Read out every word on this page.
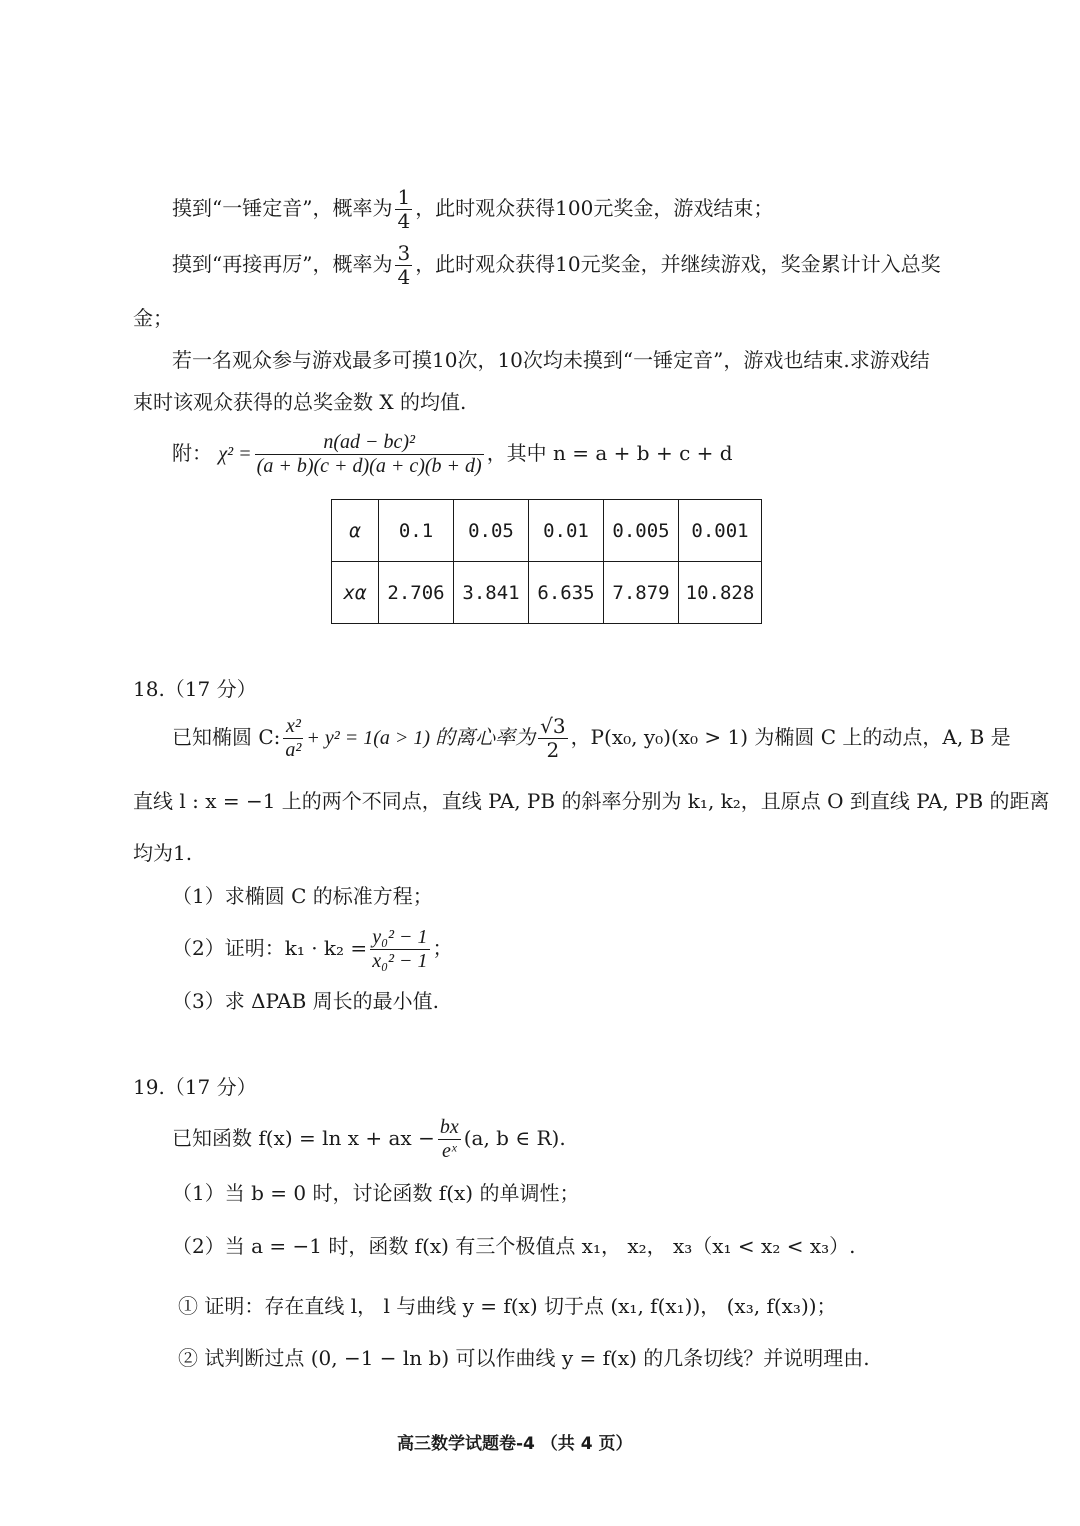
摸到“一锤定音”，概率为 $\frac{1}{4}$ ，此时观众获得100元奖金，游戏结束；
摸到“再接再厉”，概率为 $\frac{3}{4}$ ，此时观众获得10元奖金，并继续游戏，奖金累计计入总奖
金；
若一名观众参与游戏最多可摸10次，10次均未摸到“一锤定音”，游戏也结束.求游戏结
束时该观众获得的总奖金数 X 的均值.
附： $\chi^2 = \frac{\text{n(ad − bc)²}}{(a + b)(c + d)(a + c)(b + d)}$ ，其中 n = a + b + c + d
α	0.1	0.05	0.01	0.005	0.001
xα	2.706	3.841	6.635	7.879	10.828
18.（17 分）
已知椭圆 C: $\frac{\text{x²}}{\text{a²}} + y^2 = 1(a > 1)$ 的离心率为 $\frac{√3}{2}$ ，P(x₀, y₀)(x₀ > 1) 为椭圆 C 上的动点，A, B 是
直线 l : x = −1 上的两个不同点，直线 PA, PB 的斜率分别为 k₁, k₂，且原点 O 到直线 PA, PB 的距离
均为1.
（1）求椭圆 C 的标准方程；
（2）证明：$k_1 \cdot k_2 = \frac{\text{y₀² − 1}}{\text{x₀² − 1}}$ ；
（3）求 ΔPAB 周长的最小值.
19.（17 分）
已知函数 f(x) = ln x + ax − $\frac{bx}{\text{eˣ}} (a$, b ∈ R).
（1）当 b = 0 时，讨论函数 f(x) 的单调性；
（2）当 a = −1 时，函数 f(x) 有三个极值点 x₁， x₂， x₃（x₁ < x₂ < x₃）.
① 证明：存在直线 l， l 与曲线 y = f(x) 切于点 (x₁, f(x₁))， (x₃, f(x₃))；
② 试判断过点 (0, −1 − ln b) 可以作曲线 y = f(x) 的几条切线？并说明理由.
高三数学试题卷-4 （共 4 页）
